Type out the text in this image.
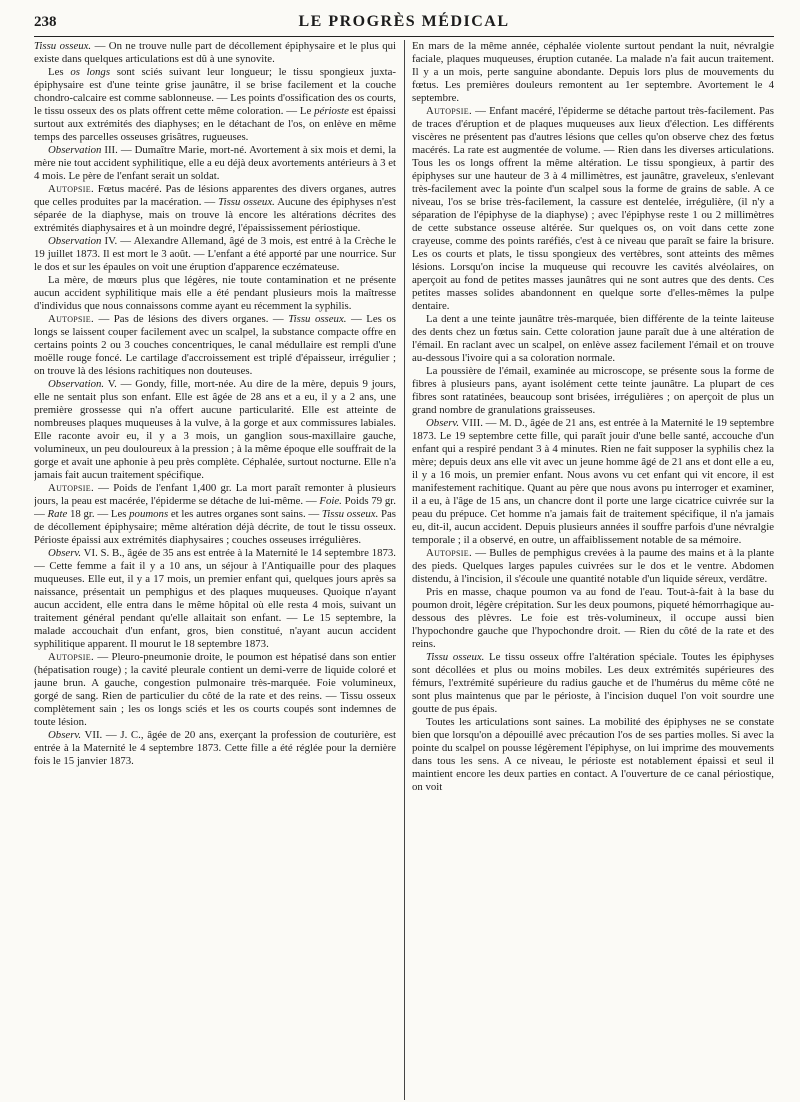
238	LE PROGRÈS MÉDICAL

Tissu osseux. — On ne trouve nulle part de décollement épiphysaire et le plus qui existe dans quelques articulations est dû à une synovite.

Les os longs sont sciés suivant leur longueur; le tissu spongieux juxta-épiphysaire est d'une teinte grise jaunâtre, il se brise facilement et la couche chondro-calcaire est comme sablonneuse. — Les points d'ossification des os courts, le tissu osseux des os plats offrent cette même coloration. — Le périoste est épaissi surtout aux extrémités des diaphyses; en le détachant de l'os, on enlève en même temps des parcelles osseuses grisâtres, rugueuses.

Observation III. — Dumaître Marie, mort-né. Avortement à six mois et demi, la mère nie tout accident syphilitique, elle a eu déjà deux avortements antérieurs à 3 et 4 mois. Le père de l'enfant serait un soldat.

Autopsie. Fœtus macéré. Pas de lésions apparentes des divers organes, autres que celles produites par la macération. — Tissu osseux. Aucune des épiphyses n'est séparée de la diaphyse, mais on trouve là encore les altérations décrites des extrémités diaphysaires et à un moindre degré, l'épaississement périostique.

Observation IV. — Alexandre Allemand, âgé de 3 mois, est entré à la Crèche le 19 juillet 1873. Il est mort le 3 août. — L'enfant a été apporté par une nourrice. Sur le dos et sur les épaules on voit une éruption d'apparence eczémateuse.

La mère, de mœurs plus que légères, nie toute contamination et ne présente aucun accident syphilitique mais elle a été pendant plusieurs mois la maîtresse d'individus que nous connaissons comme ayant eu récemment la syphilis.

Autopsie. — Pas de lésions des divers organes. — Tissu osseux. — Les os longs se laissent couper facilement avec un scalpel, la substance compacte offre en certains points 2 ou 3 couches concentriques, le canal médullaire est rempli d'une moëlle rouge foncé. Le cartilage d'accroissement est triplé d'épaisseur, irrégulier ; on trouve là des lésions rachitiques non douteuses.

Observation. V. — Gondy, fille, mort-née. Au dire de la mère, depuis 9 jours, elle ne sentait plus son enfant. Elle est âgée de 28 ans et a eu, il y a 2 ans, une première grossesse qui n'a offert aucune particularité. Elle est atteinte de nombreuses plaques muqueuses à la vulve, à la gorge et aux commissures labiales. Elle raconte avoir eu, il y a 3 mois, un ganglion sous-maxillaire gauche, volumineux, un peu douloureux à la pression ; à la même époque elle souffrait de la gorge et avait une aphonie à peu près complète. Céphalée, surtout nocturne. Elle n'a jamais fait aucun traitement spécifique.

Autopsie. — Poids de l'enfant 1,400 gr. La mort paraît remonter à plusieurs jours, la peau est macérée, l'épiderme se détache de lui-même. — Foie. Poids 79 gr. — Rate 18 gr. — Les poumons et les autres organes sont sains. — Tissu osseux. Pas de décollement épiphysaire; même altération déjà décrite, de tout le tissu osseux. Périoste épaissi aux extrémités diaphysaires ; couches osseuses irrégulières.

Observ. VI. S. B., âgée de 35 ans est entrée à la Maternité le 14 septembre 1873. — Cette femme a fait il y a 10 ans, un séjour à l'Antiquaille pour des plaques muqueuses. Elle eut, il y a 17 mois, un premier enfant qui, quelques jours après sa naissance, présentait un pemphigus et des plaques muqueuses. Quoique n'ayant aucun accident, elle entra dans le même hôpital où elle resta 4 mois, suivant un traitement général pendant qu'elle allaitait son enfant. — Le 15 septembre, la malade accouchait d'un enfant, gros, bien constitué, n'ayant aucun accident syphilitique apparent. Il mourut le 18 septembre 1873.

Autopsie. — Pleuro-pneumonie droite, le poumon est hépatisé dans son entier (hépatisation rouge) ; la cavité pleurale contient un demi-verre de liquide coloré et jaune brun. A gauche, congestion pulmonaire très-marquée. Foie volumineux, gorgé de sang. Rien de particulier du côté de la rate et des reins. — Tissu osseux complètement sain ; les os longs sciés et les os courts coupés sont indemnes de toute lésion.

Observ. VII. — J. C., âgée de 20 ans, exerçant la profession de couturière, est entrée à la Maternité le 4 septembre 1873. Cette fille a été réglée pour la dernière fois le 15 janvier 1873.

En mars de la même année, céphalée violente surtout pendant la nuit, névralgie faciale, plaques muqueuses, éruption cutanée. La malade n'a fait aucun traitement. Il y a un mois, perte sanguine abondante. Depuis lors plus de mouvements du fœtus. Les premières douleurs remontent au 1er septembre. Avortement le 4 septembre.

Autopsie. — Enfant macéré, l'épiderme se détache partout très-facilement. Pas de traces d'éruption et de plaques muqueuses aux lieux d'élection. Les différents viscères ne présentent pas d'autres lésions que celles qu'on observe chez des fœtus macérés. La rate est augmentée de volume. — Rien dans les diverses articulations. Tous les os longs offrent la même altération. Le tissu spongieux, à partir des épiphyses sur une hauteur de 3 à 4 millimètres, est jaunâtre, graveleux, s'enlevant très-facilement avec la pointe d'un scalpel sous la forme de grains de sable. A ce niveau, l'os se brise très-facilement, la cassure est dentelée, irrégulière, (il n'y a séparation de l'épiphyse de la diaphyse) ; avec l'épiphyse reste 1 ou 2 millimètres de cette substance osseuse altérée. Sur quelques os, on voit dans cette zone crayeuse, comme des points raréfiés, c'est à ce niveau que paraît se faire la brisure. Les os courts et plats, le tissu spongieux des vertèbres, sont atteints des mêmes lésions. Lorsqu'on incise la muqueuse qui recouvre les cavités alvéolaires, on aperçoit au fond de petites masses jaunâtres qui ne sont autres que des dents. Ces petites masses solides abandonnent en quelque sorte d'elles-mêmes la pulpe dentaire.

La dent a une teinte jaunâtre très-marquée, bien différente de la teinte laiteuse des dents chez un fœtus sain. Cette coloration jaune paraît due à une altération de l'émail. En raclant avec un scalpel, on enlève assez facilement l'émail et on trouve au-dessous l'ivoire qui a sa coloration normale.

La poussière de l'émail, examinée au microscope, se présente sous la forme de fibres à plusieurs pans, ayant isolément cette teinte jaunâtre. La plupart de ces fibres sont ratatinées, beaucoup sont brisées, irrégulières ; on aperçoit de plus un grand nombre de granulations graisseuses.

Observ. VIII. — M. D., âgée de 21 ans, est entrée à la Maternité le 19 septembre 1873. Le 19 septembre cette fille, qui paraît jouir d'une belle santé, accouche d'un enfant qui a respiré pendant 3 à 4 minutes. Rien ne fait supposer la syphilis chez la mère; depuis deux ans elle vit avec un jeune homme âgé de 21 ans et dont elle a eu, il y a 16 mois, un premier enfant. Nous avons vu cet enfant qui vit encore, il est manifestement rachitique. Quant au père que nous avons pu interroger et examiner, il a eu, à l'âge de 15 ans, un chancre dont il porte une large cicatrice cuivrée sur la peau du prépuce. Cet homme n'a jamais fait de traitement spécifique, il n'a jamais eu, dit-il, aucun accident. Depuis plusieurs années il souffre parfois d'une névralgie temporale ; il a observé, en outre, un affaiblissement notable de sa mémoire.

Autopsie. — Bulles de pemphigus crevées à la paume des mains et à la plante des pieds. Quelques larges papules cuivrées sur le dos et le ventre. Abdomen distendu, à l'incision, il s'écoule une quantité notable d'un liquide séreux, verdâtre.

Pris en masse, chaque poumon va au fond de l'eau. Tout-à-fait à la base du poumon droit, légère crépitation. Sur les deux poumons, piqueté hémorrhagique au-dessous des plèvres. Le foie est très-volumineux, il occupe aussi bien l'hypochondre gauche que l'hypochondre droit. — Rien du côté de la rate et des reins.

Tissu osseux. Le tissu osseux offre l'altération spéciale. Toutes les épiphyses sont décollées et plus ou moins mobiles. Les deux extrémités supérieures des fémurs, l'extrémité supérieure du radius gauche et de l'humérus du même côté ne sont plus maintenus que par le périoste, à l'incision duquel l'on voit sourdre une goutte de pus épais.

Toutes les articulations sont saines. La mobilité des épiphyses ne se constate bien que lorsqu'on a dépouillé avec précaution l'os de ses parties molles. Si avec la pointe du scalpel on pousse légèrement l'épiphyse, on lui imprime des mouvements dans tous les sens. A ce niveau, le périoste est notablement épaissi et seul il maintient encore les deux parties en contact. A l'ouverture de ce canal périostique, on voit
